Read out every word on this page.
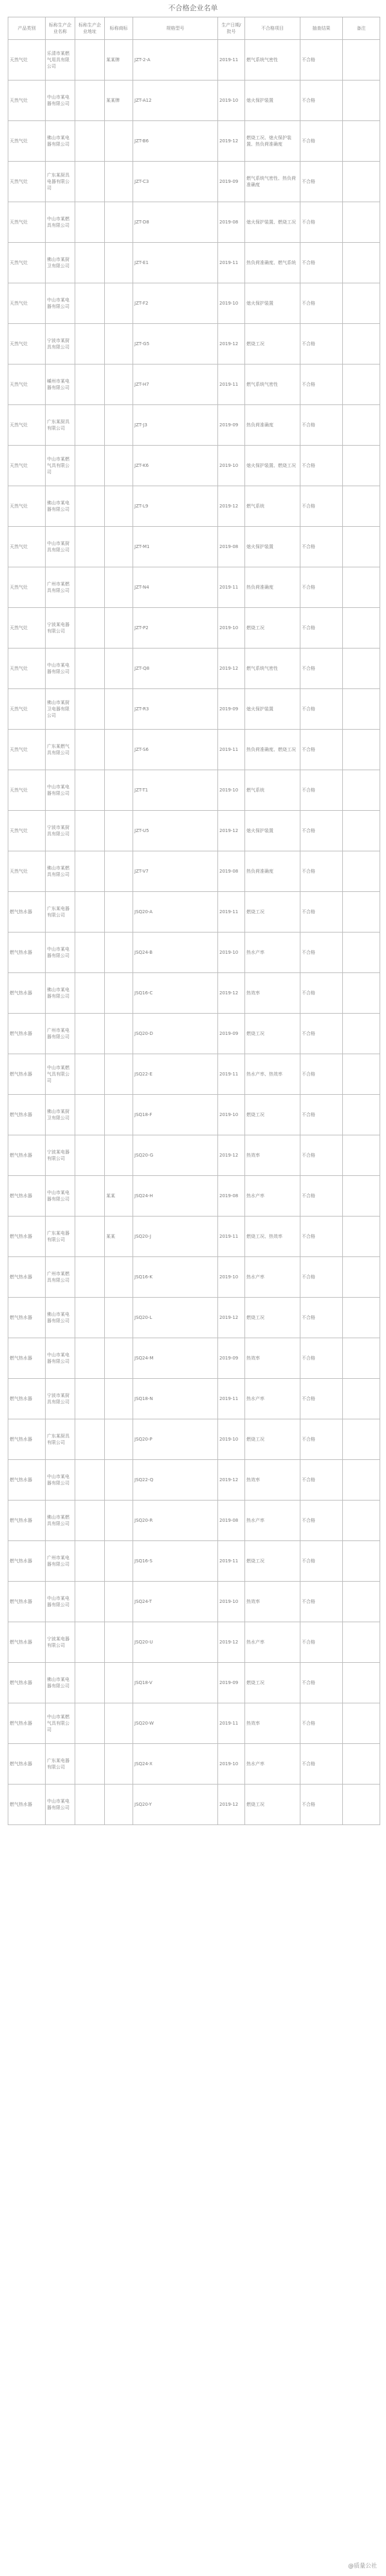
不合格企业名单
产品类别	标称生产企业名称	标称生产企业地址	标称商标	规格型号	生产日期/批号	不合格项目	抽查结果	备注
天然气灶	乐清市某燃气用具有限公司		某某牌	JZT-2-A	2019-11	燃气系统气密性	不合格	
天然气灶	中山市某电器有限公司		某某牌	JZT-A12	2019-10	熄火保护装置	不合格	
天然气灶	佛山市某电器有限公司			JZT-B6	2019-12	燃烧工况、熄火保护装置、热负荷准确度	不合格	
天然气灶	广东某厨具电器有限公司			JZT-C3	2019-09	燃气系统气密性、热负荷准确度	不合格	
天然气灶	中山市某燃具有限公司			JZT-D8	2019-08	熄火保护装置、燃烧工况	不合格	
天然气灶	佛山市某厨卫有限公司			JZT-E1	2019-11	热负荷准确度、燃气系统	不合格	
天然气灶	中山市某电器有限公司			JZT-F2	2019-10	熄火保护装置	不合格	
天然气灶	宁波市某厨具有限公司			JZT-G5	2019-12	燃烧工况	不合格	
天然气灶	嵊州市某电器有限公司			JZT-H7	2019-11	燃气系统气密性	不合格	
天然气灶	广东某厨具有限公司			JZT-J3	2019-09	热负荷准确度	不合格	
天然气灶	中山市某燃气具有限公司			JZT-K6	2019-10	熄火保护装置、燃烧工况	不合格	
天然气灶	佛山市某电器有限公司			JZT-L9	2019-12	燃气系统	不合格	
天然气灶	中山市某厨具有限公司			JZT-M1	2019-08	熄火保护装置	不合格	
天然气灶	广州市某燃具有限公司			JZT-N4	2019-11	热负荷准确度	不合格	
天然气灶	宁波某电器有限公司			JZT-P2	2019-10	燃烧工况	不合格	
天然气灶	中山市某电器有限公司			JZT-Q8	2019-12	燃气系统气密性	不合格	
天然气灶	佛山市某厨卫电器有限公司			JZT-R3	2019-09	熄火保护装置	不合格	
天然气灶	广东某燃气具有限公司			JZT-S6	2019-11	热负荷准确度、燃烧工况	不合格	
天然气灶	中山市某电器有限公司			JZT-T1	2019-10	燃气系统	不合格	
天然气灶	宁波市某厨具有限公司			JZT-U5	2019-12	熄火保护装置	不合格	
天然气灶	佛山市某燃具有限公司			JZT-V7	2019-08	热负荷准确度	不合格	
燃气热水器	广东某电器有限公司			JSQ20-A	2019-11	燃烧工况	不合格	
燃气热水器	中山市某电器有限公司			JSQ24-B	2019-10	热水产率	不合格	
燃气热水器	佛山市某电器有限公司			JSQ16-C	2019-12	热效率	不合格	
燃气热水器	广州市某电器有限公司			JSQ20-D	2019-09	燃烧工况	不合格	
燃气热水器	中山市某燃气具有限公司			JSQ22-E	2019-11	热水产率、热效率	不合格	
燃气热水器	佛山市某厨卫有限公司			JSQ18-F	2019-10	燃烧工况	不合格	
燃气热水器	宁波某电器有限公司			JSQ20-G	2019-12	热效率	不合格	
燃气热水器	中山市某电器有限公司		某某	JSQ24-H	2019-08	热水产率	不合格	
燃气热水器	广东某电器有限公司		某某	JSQ20-J	2019-11	燃烧工况、热效率	不合格	
燃气热水器	广州市某燃具有限公司			JSQ16-K	2019-10	热水产率	不合格	
燃气热水器	佛山市某电器有限公司			JSQ20-L	2019-12	燃烧工况	不合格	
燃气热水器	中山市某电器有限公司			JSQ24-M	2019-09	热效率	不合格	
燃气热水器	宁波市某厨具有限公司			JSQ18-N	2019-11	热水产率	不合格	
燃气热水器	广东某厨具有限公司			JSQ20-P	2019-10	燃烧工况	不合格	
燃气热水器	中山市某电器有限公司			JSQ22-Q	2019-12	热效率	不合格	
燃气热水器	佛山市某燃具有限公司			JSQ20-R	2019-08	热水产率	不合格	
燃气热水器	广州市某电器有限公司			JSQ16-S	2019-11	燃烧工况	不合格	
燃气热水器	中山市某电器有限公司			JSQ24-T	2019-10	热效率	不合格	
燃气热水器	宁波某电器有限公司			JSQ20-U	2019-12	热水产率	不合格	
燃气热水器	佛山市某电器有限公司			JSQ18-V	2019-09	燃烧工况	不合格	
燃气热水器	中山市某燃气具有限公司			JSQ20-W	2019-11	热效率	不合格	
燃气热水器	广东某电器有限公司			JSQ24-X	2019-10	热水产率	不合格	
燃气热水器	中山市某电器有限公司			JSQ20-Y	2019-12	燃烧工况	不合格	
@质量公社
